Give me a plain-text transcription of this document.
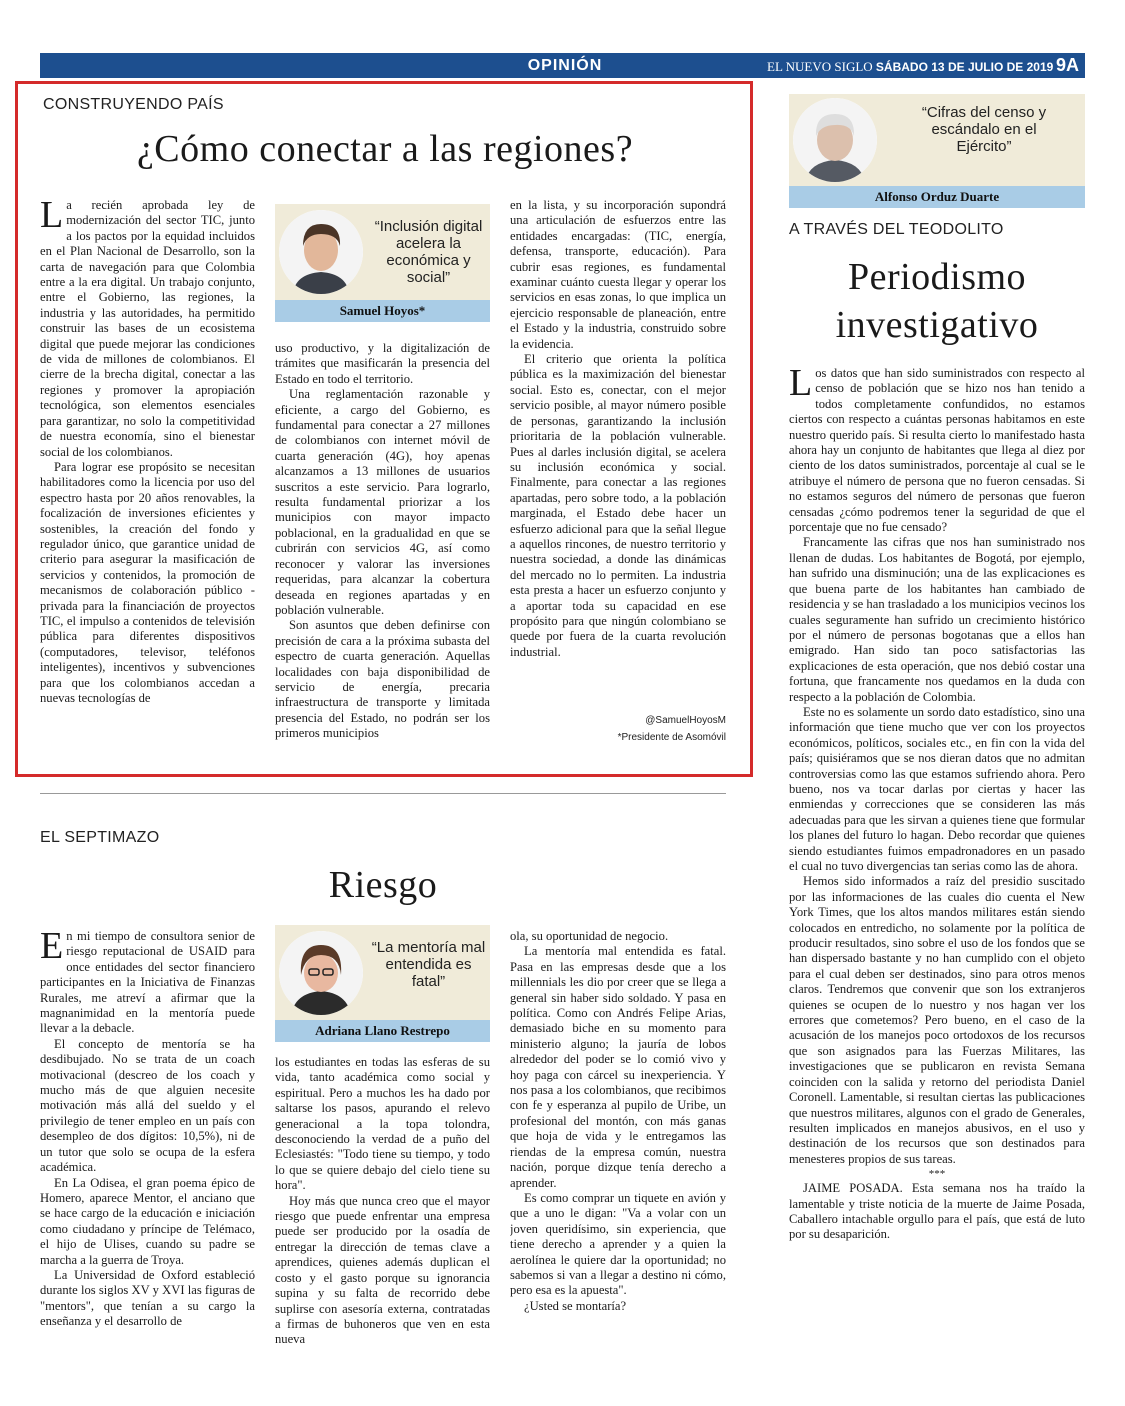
OPINIÓN	EL NUEVO SIGLO SÁBADO 13 DE JULIO DE 2019 9A
CONSTRUYENDO PAÍS
¿Cómo conectar a las regiones?

La recién aprobada ley de modernización del sector TIC, junto a los pactos por la equidad incluidos en el Plan Nacional de Desarrollo, son la carta de navegación para que Colombia entre a la era digital. Un trabajo conjunto, entre el Gobierno, las regiones, la industria y las autoridades, ha permitido construir las bases de un ecosistema digital que puede mejorar las condiciones de vida de millones de colombianos. El cierre de la brecha digital, conectar a las regiones y promover la apropiación tecnológica, son elementos esenciales para garantizar, no solo la competitividad de nuestra economía, sino el bienestar social de los colombianos.

Para lograr ese propósito se necesitan habilitadores como la licencia por uso del espectro hasta por 20 años renovables, la focalización de inversiones eficientes y sostenibles, la creación del fondo y regulador único, que garantice unidad de criterio para asegurar la masificación de servicios y contenidos, la promoción de mecanismos de colaboración público - privada para la financiación de proyectos TIC, el impulso a contenidos de televisión pública para diferentes dispositivos (computadores, televisor, teléfonos inteligentes), incentivos y subvenciones para que los colombianos accedan a nuevas tecnologías de

“Inclusión digital acelera la económica y social”
Samuel Hoyos*

uso productivo, y la digitalización de trámites que masificarán la presencia del Estado en todo el territorio.

Una reglamentación razonable y eficiente, a cargo del Gobierno, es fundamental para conectar a 27 millones de colombianos con internet móvil de cuarta generación (4G), hoy apenas alcanzamos a 13 millones de usuarios suscritos a este servicio. Para lograrlo, resulta fundamental priorizar a los municipios con mayor impacto poblacional, en la gradualidad en que se cubrirán con servicios 4G, así como reconocer y valorar las inversiones requeridas, para alcanzar la cobertura deseada en regiones apartadas y en población vulnerable.

Son asuntos que deben definirse con precisión de cara a la próxima subasta del espectro de cuarta generación. Aquellas localidades con baja disponibilidad de servicio de energía, precaria infraestructura de transporte y limitada presencia del Estado, no podrán ser los primeros municipios

en la lista, y su incorporación supondrá una articulación de esfuerzos entre las entidades encargadas: (TIC, energía, defensa, transporte, educación). Para cubrir esas regiones, es fundamental examinar cuánto cuesta llegar y operar los servicios en esas zonas, lo que implica un ejercicio responsable de planeación, entre el Estado y la industria, construido sobre la evidencia.

El criterio que orienta la política pública es la maximización del bienestar social. Esto es, conectar, con el mejor servicio posible, al mayor número posible de personas, garantizando la inclusión prioritaria de la población vulnerable. Pues al darles inclusión digital, se acelera su inclusión económica y social. Finalmente, para conectar a las regiones apartadas, pero sobre todo, a la población marginada, el Estado debe hacer un esfuerzo adicional para que la señal llegue a aquellos rincones, de nuestro territorio y nuestra sociedad, a donde las dinámicas del mercado no lo permiten. La industria esta presta a hacer un esfuerzo conjunto y a aportar toda su capacidad en ese propósito para que ningún colombiano se quede por fuera de la cuarta revolución industrial.

@SamuelHoyosM
*Presidente de Asomóvil
EL SEPTIMAZO
Riesgo

En mi tiempo de consultora senior de riesgo reputacional de USAID para once entidades del sector financiero participantes en la Iniciativa de Finanzas Rurales, me atreví a afirmar que la magnanimidad en la mentoría puede llevar a la debacle.

El concepto de mentoría se ha desdibujado. No se trata de un coach motivacional (descreo de los coach y mucho más de que alguien necesite motivación más allá del sueldo y el privilegio de tener empleo en un país con desempleo de dos dígitos: 10,5%), ni de un tutor que solo se ocupa de la esfera académica.

En La Odisea, el gran poema épico de Homero, aparece Mentor, el anciano que se hace cargo de la educación e iniciación como ciudadano y príncipe de Telémaco, el hijo de Ulises, cuando su padre se marcha a la guerra de Troya.

La Universidad de Oxford estableció durante los siglos XV y XVI las figuras de "mentors", que tenían a su cargo la enseñanza y el desarrollo de

“La mentoría mal entendida es fatal”
Adriana Llano Restrepo

los estudiantes en todas las esferas de su vida, tanto académica como social y espiritual. Pero a muchos les ha dado por saltarse los pasos, apurando el relevo generacional a la topa tolondra, desconociendo la verdad de a puño del Eclesiastés: "Todo tiene su tiempo, y todo lo que se quiere debajo del cielo tiene su hora".

Hoy más que nunca creo que el mayor riesgo que puede enfrentar una empresa puede ser producido por la osadía de entregar la dirección de temas clave a aprendices, quienes además duplican el costo y el gasto porque su ignorancia supina y su falta de recorrido debe suplirse con asesoría externa, contratadas a firmas de buhoneros que ven en esta nueva

ola, su oportunidad de negocio.

La mentoría mal entendida es fatal. Pasa en las empresas desde que a los millennials les dio por creer que se llega a general sin haber sido soldado. Y pasa en política. Como con Andrés Felipe Arias, demasiado biche en su momento para ministerio alguno; la jauría de lobos alrededor del poder se lo comió vivo y hoy paga con cárcel su inexperiencia. Y nos pasa a los colombianos, que recibimos con fe y esperanza al pupilo de Uribe, un profesional del montón, con más ganas que hoja de vida y le entregamos las riendas de la empresa común, nuestra nación, porque dizque tenía derecho a aprender.

Es como comprar un tiquete en avión y que a uno le digan: "Va a volar con un joven queridísimo, sin experiencia, que tiene derecho a aprender y a quien la aerolínea le quiere dar la oportunidad; no sabemos si van a llegar a destino ni cómo, pero esa es la apuesta".

¿Usted se montaría?

“Cifras del censo y escándalo en el Ejército”
Alfonso Orduz Duarte
A TRAVÉS DEL TEODOLITO
Periodismo
investigativo

Los datos que han sido suministrados con respecto al censo de población que se hizo nos han tenido a todos completamente confundidos, no estamos ciertos con respecto a cuántas personas habitamos en este nuestro querido país. Si resulta cierto lo manifestado hasta ahora hay un conjunto de habitantes que llega al diez por ciento de los datos suministrados, porcentaje al cual se le atribuye el número de persona que no fueron censadas. Si no estamos seguros del número de personas que fueron censadas ¿cómo podremos tener la seguridad de que el porcentaje que no fue censado?

Francamente las cifras que nos han suministrado nos llenan de dudas. Los habitantes de Bogotá, por ejemplo, han sufrido una disminución; una de las explicaciones es que buena parte de los habitantes han cambiado de residencia y se han trasladado a los municipios vecinos los cuales seguramente han sufrido un crecimiento histórico por el número de personas bogotanas que a ellos han emigrado. Han sido tan poco satisfactorias las explicaciones de esta operación, que nos debió costar una fortuna, que francamente nos quedamos en la duda con respecto a la población de Colombia.

Este no es solamente un sordo dato estadístico, sino una información que tiene mucho que ver con los proyectos económicos, políticos, sociales etc., en fin con la vida del país; quisiéramos que se nos dieran datos que no admitan controversias como las que estamos sufriendo ahora. Pero bueno, nos va tocar darlas por ciertas y hacer las enmiendas y correcciones que se consideren las más adecuadas para que les sirvan a quienes tiene que formular los planes del futuro lo hagan. Debo recordar que quienes siendo estudiantes fuimos empadronadores en un pasado el cual no tuvo divergencias tan serias como las de ahora.

Hemos sido informados a raíz del presidio suscitado por las informaciones de las cuales dio cuenta el New York Times, que los altos mandos militares están siendo colocados en entredicho, no solamente por la política de producir resultados, sino sobre el uso de los fondos que se han dispersado bastante y no han cumplido con el objeto para el cual deben ser destinados, sino para otros menos claros. Tendremos que convenir que son los extranjeros quienes se ocupen de lo nuestro y nos hagan ver los errores que cometemos? Pero bueno, en el caso de la acusación de los manejos poco ortodoxos de los recursos que son asignados para las Fuerzas Militares, las investigaciones que se publicaron en revista Semana coinciden con la salida y retorno del periodista Daniel Coronell. Lamentable, si resultan ciertas las publicaciones que nuestros militares, algunos con el grado de Generales, resulten implicados en manejos abusivos, en el uso y destinación de los recursos que son destinados para menesteres propios de sus tareas.

***

JAIME POSADA. Esta semana nos ha traído la lamentable y triste noticia de la muerte de Jaime Posada, Caballero intachable orgullo para el país, que está de luto por su desaparición.
